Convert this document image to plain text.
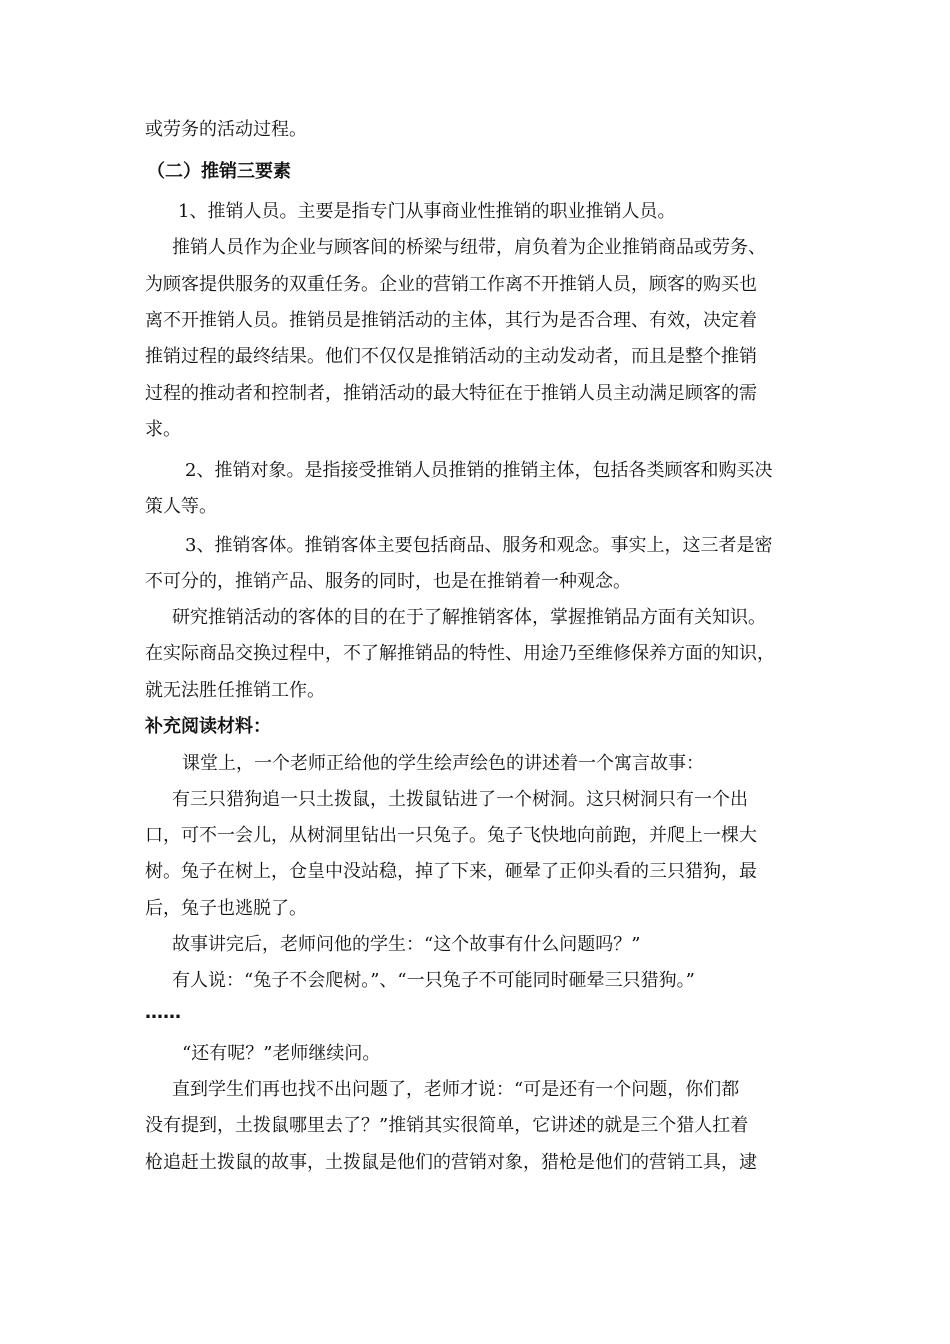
或劳务的活动过程。
（二）推销三要素
1、推销人员。主要是指专门从事商业性推销的职业推销人员。
推销人员作为企业与顾客间的桥梁与纽带，肩负着为企业推销商品或劳务、
为顾客提供服务的双重任务。企业的营销工作离不开推销人员，顾客的购买也
离不开推销人员。推销员是推销活动的主体，其行为是否合理、有效，决定着
推销过程的最终结果。他们不仅仅是推销活动的主动发动者，而且是整个推销
过程的推动者和控制者，推销活动的最大特征在于推销人员主动满足顾客的需
求。
2、推销对象。是指接受推销人员推销的推销主体，包括各类顾客和购买决
策人等。
3、推销客体。推销客体主要包括商品、服务和观念。事实上，这三者是密
不可分的，推销产品、服务的同时，也是在推销着一种观念。
研究推销活动的客体的目的在于了解推销客体，掌握推销品方面有关知识。
在实际商品交换过程中，不了解推销品的特性、用途乃至维修保养方面的知识，
就无法胜任推销工作。
补充阅读材料：
课堂上，一个老师正给他的学生绘声绘色的讲述着一个寓言故事：
有三只猎狗追一只土拨鼠，土拨鼠钻进了一个树洞。这只树洞只有一个出
口，可不一会儿，从树洞里钻出一只兔子。兔子飞快地向前跑，并爬上一棵大
树。兔子在树上，仓皇中没站稳，掉了下来，砸晕了正仰头看的三只猎狗，最
后，兔子也逃脱了。
故事讲完后，老师问他的学生：“这个故事有什么问题吗？”
有人说：“兔子不会爬树。”、“一只兔子不可能同时砸晕三只猎狗。”
……
“还有呢？”老师继续问。
直到学生们再也找不出问题了，老师才说：“可是还有一个问题，你们都
没有提到，土拨鼠哪里去了？”推销其实很简单，它讲述的就是三个猎人扛着
枪追赶土拨鼠的故事，土拨鼠是他们的营销对象，猎枪是他们的营销工具，逮
